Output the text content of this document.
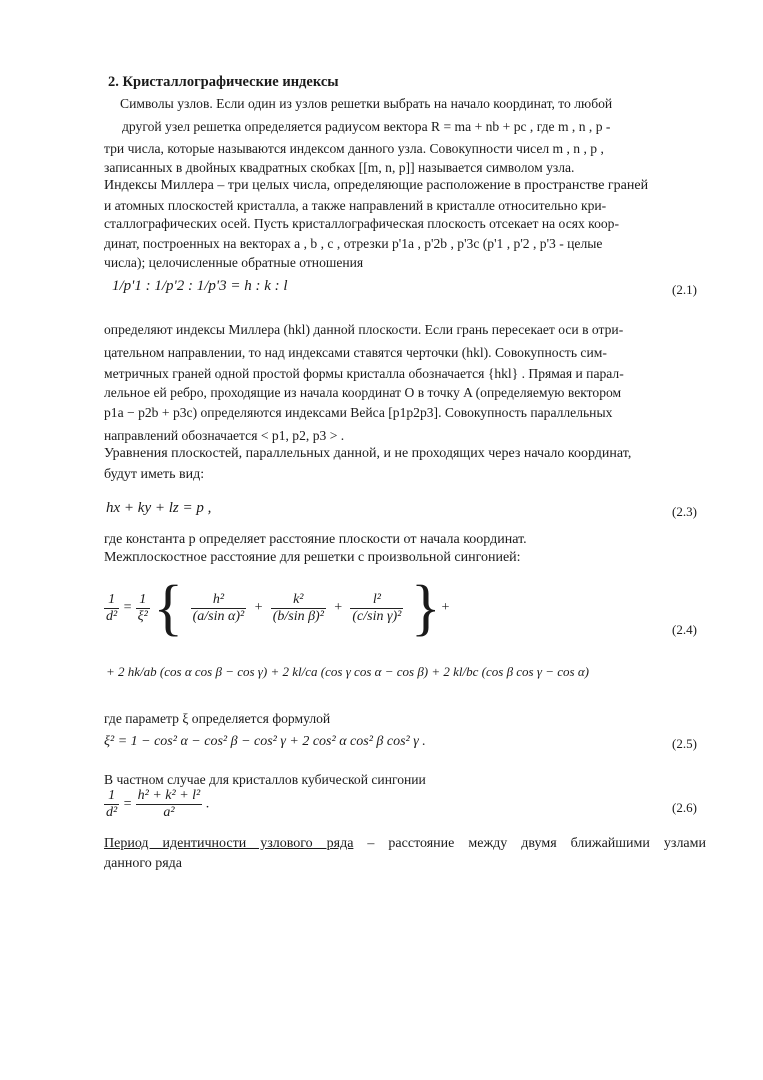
2. Кристаллографические индексы
Символы узлов. Если один из узлов решетки выбрать на начало координат, то любой
другой узел решетка определяется радиусом вектора R = ma + nb + pc , где m , n , p -
три числа, которые называются индексом данного узла. Совокупности чисел m , n , p ,
записанных в двойных квадратных скобках [[m, n, p]] называется символом узла.
Индексы Миллера – три целых числа, определяющие расположение в пространстве граней
и атомных плоскостей кристалла, а также направлений в кристалле относительно кри-
сталлографических осей. Пусть кристаллографическая плоскость отсекает на осях коор-
динат, построенных на векторах a , b , c , отрезки p'1a , p'2b , p'3c (p'1 , p'2 , p'3 - целые
числа); целочисленные обратные отношения
1/p'1 : 1/p'2 : 1/p'3 = h : k : l	(2.1)
определяют индексы Миллера (hkl) данной плоскости. Если грань пересекает оси в отри-
цательном направлении, то над индексами ставятся черточки (hkl). Совокупность сим-
метричных граней одной простой формы кристалла обозначается {hkl} . Прямая и парал-
лельное ей ребро, проходящие из начала координат O в точку A (определяемую вектором
p1a − p2b + p3c) определяются индексами Вейса [p1p2p3]. Совокупность параллельных
направлений обозначается < p1, p2, p3 > .
Уравнения плоскостей, параллельных данной, и не проходящих через начало координат,
будут иметь вид:
hx + ky + lz = p ,	(2.3)
где константа p определяет расстояние плоскости от начала координат.
Межплоскостное расстояние для решетки с произвольной сингонией:
$\frac{1}{\text{d²}} = \frac{1}{\text{ξ²}}$ { $\frac{\text{h²}}{\text{(a/sin α)²}} + \frac{\text{k²}}{\text{(b/sin β)²}} + \frac{\text{l²}}{\text{(c/sin γ)²}}$ }+
(2.4)
+ 2 hk/ab (cos α cos β − cos γ) + 2 kl/ca (cos γ cos α − cos β) + 2 kl/bc (cos β cos γ − cos α)
где параметр ξ определяется формулой
ξ² = 1 − cos² α − cos² β − cos² γ + 2 cos² α cos² β cos² γ .	(2.5)
В частном случае для кристаллов кубической сингонии
$\frac{1}{\text{d²}} = \frac{\text{h² + k² + l²}}{\text{a²}}$ .	(2.6)
Период идентичности узлового ряда – расстояние между двумя ближайшими узлами
данного ряда
